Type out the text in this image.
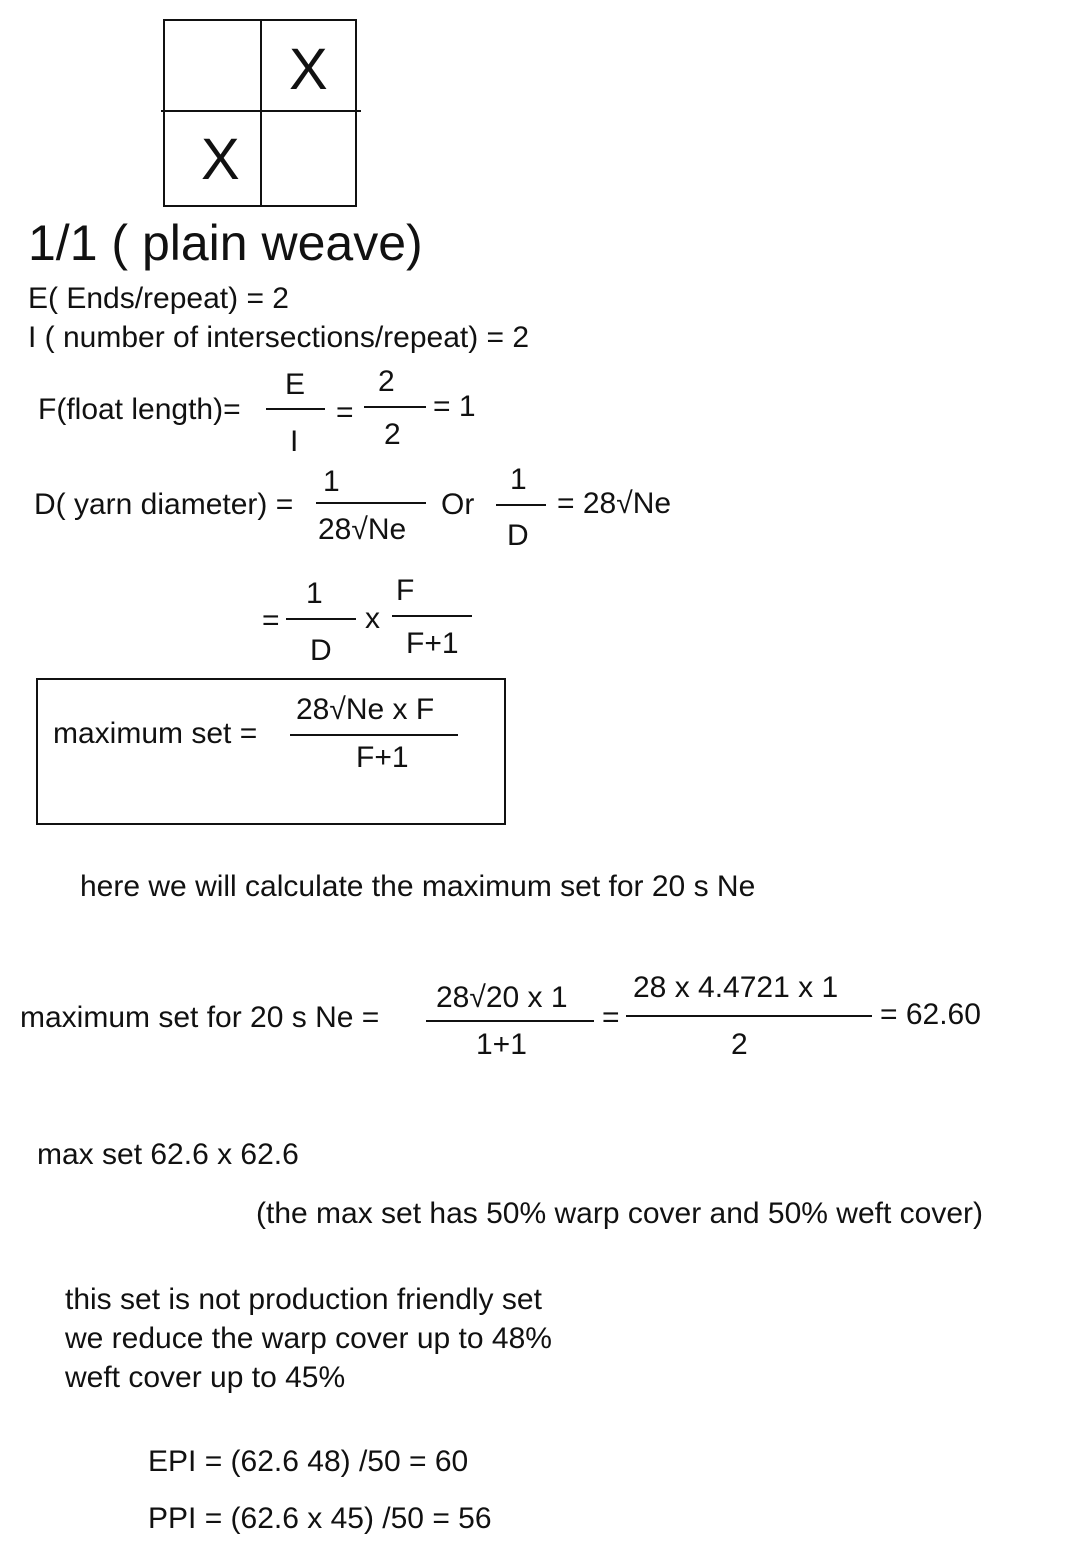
X
X
1/1 ( plain weave)
E( Ends/repeat) = 2
I ( number of intersections/repeat) = 2
F(float length)=
E
I
=
2
2
= 1
D( yarn diameter) =
1
28√Ne
Or
1
D
= 28√Ne
=
1
D
x
F
F+1
maximum set =
28√Ne x F
F+1
here we will calculate the maximum set for 20 s Ne
maximum set for 20 s Ne =
28√20 x 1
1+1
=
28 x 4.4721 x 1
2
= 62.60
max set 62.6 x 62.6
(the max set has 50% warp cover and 50% weft cover)
this set is not production friendly set
we reduce the warp cover up to 48%
weft cover up to 45%
EPI = (62.6 48) /50 = 60
PPI = (62.6 x 45) /50 = 56
